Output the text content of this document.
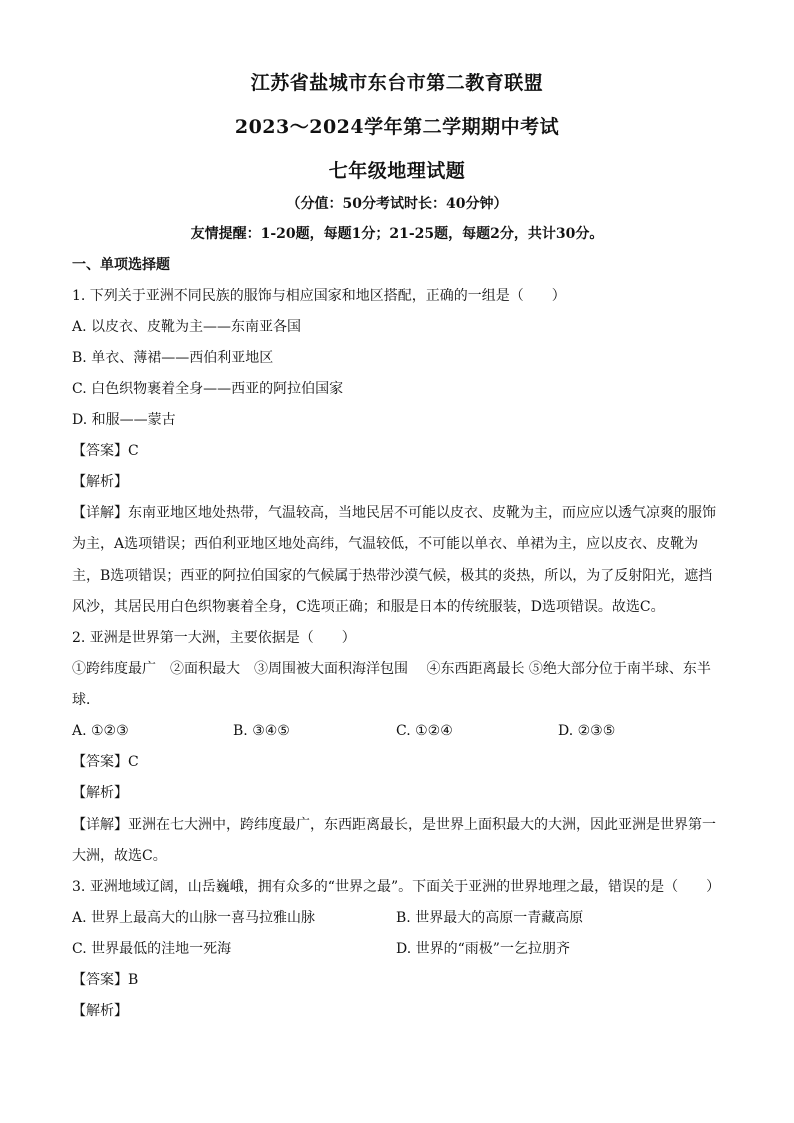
江苏省盐城市东台市第二教育联盟
2023～2024学年第二学期期中考试
七年级地理试题
（分值：50分考试时长：40分钟）
友情提醒：1-20题，每题1分；21-25题，每题2分，共计30分。
一、单项选择题
1. 下列关于亚洲不同民族的服饰与相应国家和地区搭配，正确的一组是（　　）
A. 以皮衣、皮靴为主——东南亚各国
B. 单衣、薄裙——西伯利亚地区
C. 白色织物裹着全身——西亚的阿拉伯国家
D. 和服——蒙古
【答案】C
【解析】
【详解】东南亚地区地处热带，气温较高，当地民居不可能以皮衣、皮靴为主，而应应以透气凉爽的服饰
为主，A选项错误；西伯利亚地区地处高纬，气温较低，不可能以单衣、单裙为主，应以皮衣、皮靴为
主，B选项错误；西亚的阿拉伯国家的气候属于热带沙漠气候，极其的炎热，所以，为了反射阳光，遮挡
风沙，其居民用白色织物裹着全身，C选项正确；和服是日本的传统服装，D选项错误。故选C。
2. 亚洲是世界第一大洲，主要依据是（　　）
①跨纬度最广　②面积最大　③周围被大面积海洋包围　 ④东西距离最长 ⑤绝大部分位于南半球、东半
球．
A. ①②③	B. ③④⑤	C. ①②④	D. ②③⑤
【答案】C
【解析】
【详解】亚洲在七大洲中，跨纬度最广，东西距离最长，是世界上面积最大的大洲，因此亚洲是世界第一
大洲，故选C。
3. 亚洲地域辽阔，山岳巍峨，拥有众多的“世界之最”。下面关于亚洲的世界地理之最，错误的是（　　）
A. 世界上最高大的山脉一喜马拉雅山脉	B. 世界最大的高原一青藏高原
C. 世界最低的洼地一死海	D. 世界的“雨极”一乞拉朋齐
【答案】B
【解析】
